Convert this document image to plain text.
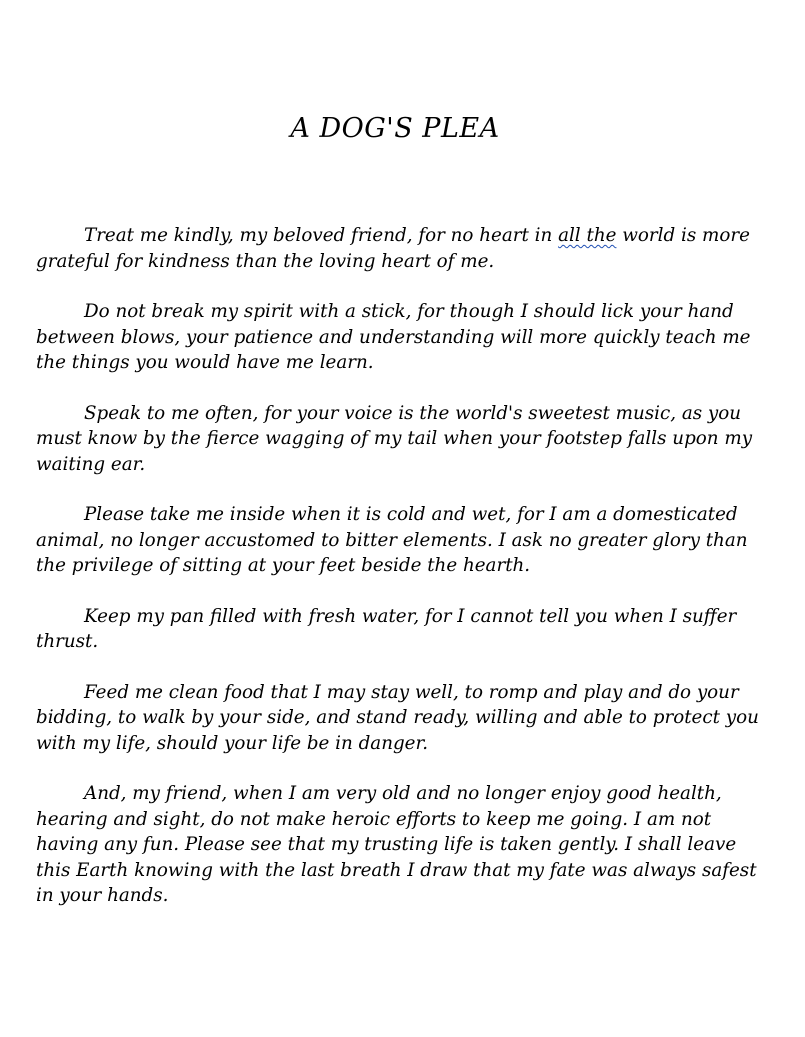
A DOG'S PLEA

Treat me kindly, my beloved friend, for no heart in all the world is more grateful for kindness than the loving heart of me.

Do not break my spirit with a stick, for though I should lick your hand between blows, your patience and understanding will more quickly teach me the things you would have me learn.

Speak to me often, for your voice is the world's sweetest music, as you must know by the fierce wagging of my tail when your footstep falls upon my waiting ear.

Please take me inside when it is cold and wet, for I am a domesticated animal, no longer accustomed to bitter elements. I ask no greater glory than the privilege of sitting at your feet beside the hearth.

Keep my pan filled with fresh water, for I cannot tell you when I suffer thrust.

Feed me clean food that I may stay well, to romp and play and do your bidding, to walk by your side, and stand ready, willing and able to protect you with my life, should your life be in danger.

And, my friend, when I am very old and no longer enjoy good health, hearing and sight, do not make heroic efforts to keep me going. I am not having any fun. Please see that my trusting life is taken gently. I shall leave this Earth knowing with the last breath I draw that my fate was always safest in your hands.
